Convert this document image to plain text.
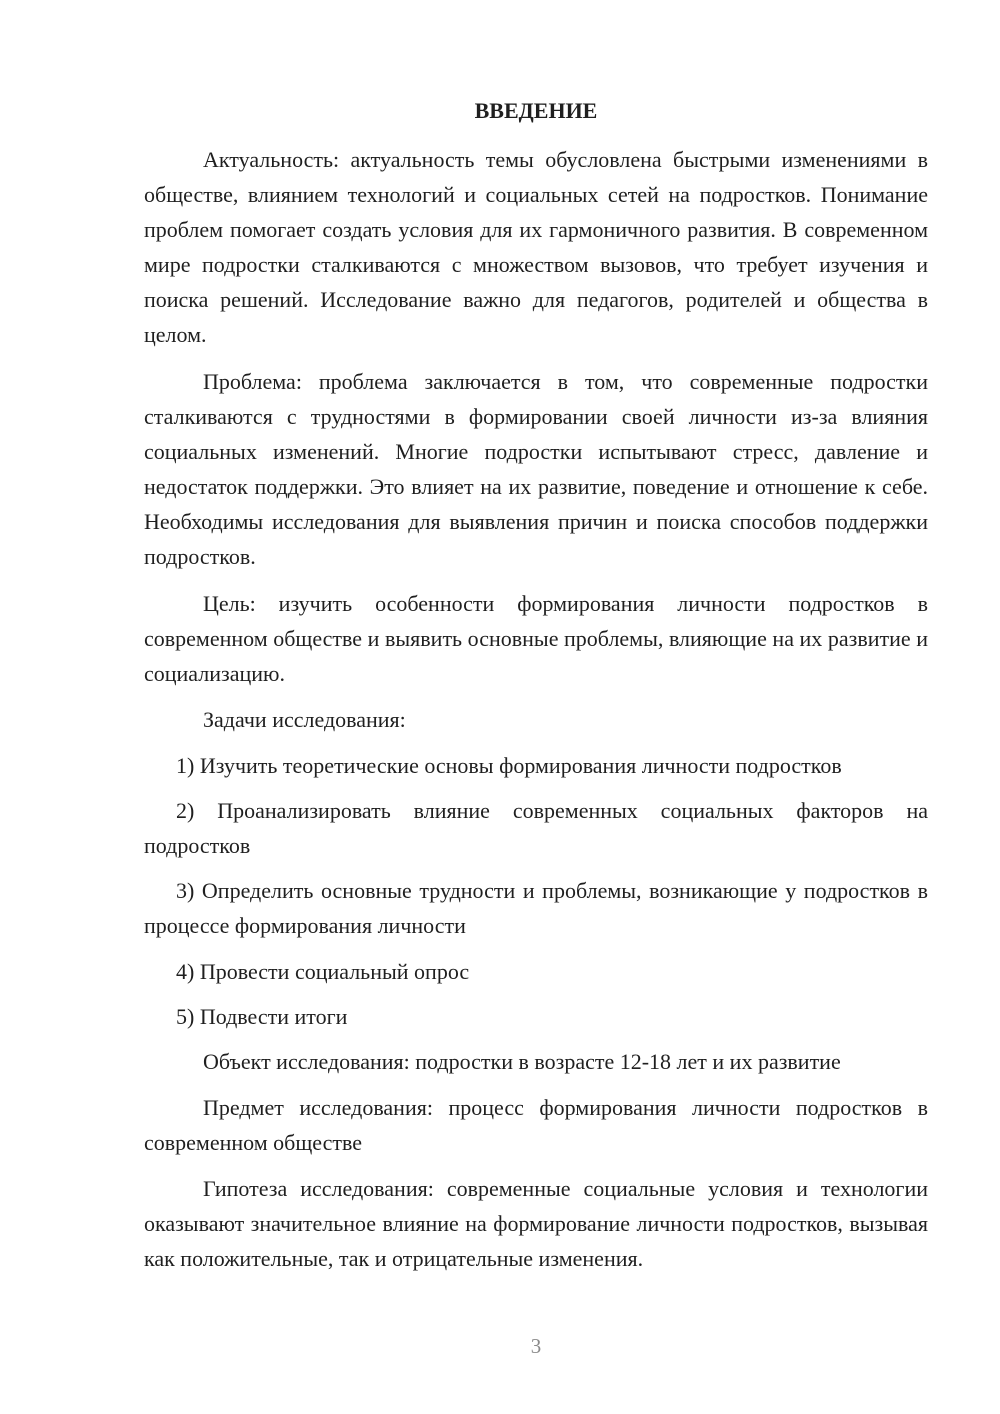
ВВЕДЕНИЕ

Актуальность: актуальность темы обусловлена быстрыми изменениями в обществе, влиянием технологий и социальных сетей на подростков. Понимание проблем помогает создать условия для их гармоничного развития. В современном мире подростки сталкиваются с множеством вызовов, что требует изучения и поиска решений. Исследование важно для педагогов, родителей и общества в целом.

Проблема: проблема заключается в том, что современные подростки сталкиваются с трудностями в формировании своей личности из-за влияния социальных изменений. Многие подростки испытывают стресс, давление и недостаток поддержки. Это влияет на их развитие, поведение и отношение к себе. Необходимы исследования для выявления причин и поиска способов поддержки подростков.

Цель: изучить особенности формирования личности подростков в современном обществе и выявить основные проблемы, влияющие на их развитие и социализацию.

Задачи исследования:

1) Изучить теоретические основы формирования личности подростков

2) Проанализировать влияние современных социальных факторов на подростков

3) Определить основные трудности и проблемы, возникающие у подростков в процессе формирования личности

4) Провести социальный опрос

5) Подвести итоги

Объект исследования: подростки в возрасте 12-18 лет и их развитие

Предмет исследования: процесс формирования личности подростков в современном обществе

Гипотеза исследования: современные социальные условия и технологии оказывают значительное влияние на формирование личности подростков, вызывая как положительные, так и отрицательные изменения.

3
